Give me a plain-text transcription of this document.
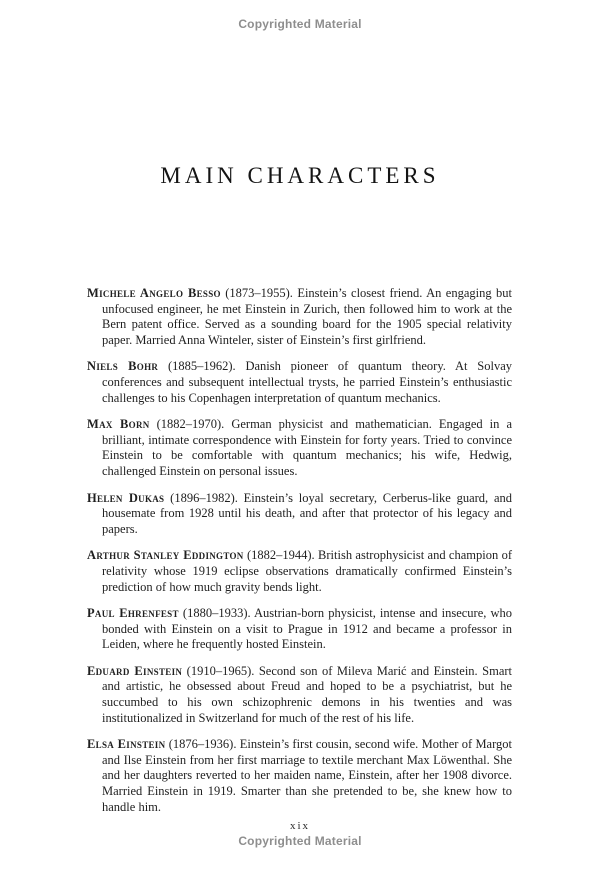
Copyrighted Material
MAIN CHARACTERS

Michele Angelo Besso (1873–1955). Einstein’s closest friend. An engaging but unfocused engineer, he met Einstein in Zurich, then followed him to work at the Bern patent office. Served as a sounding board for the 1905 special relativity paper. Married Anna Winteler, sister of Einstein’s first girlfriend.

Niels Bohr (1885–1962). Danish pioneer of quantum theory. At Solvay conferences and subsequent intellectual trysts, he parried Einstein’s enthusiastic challenges to his Copenhagen interpretation of quantum mechanics.

Max Born (1882–1970). German physicist and mathematician. Engaged in a brilliant, intimate correspondence with Einstein for forty years. Tried to convince Einstein to be comfortable with quantum mechanics; his wife, Hedwig, challenged Einstein on personal issues.

Helen Dukas (1896–1982). Einstein’s loyal secretary, Cerberus-like guard, and housemate from 1928 until his death, and after that protector of his legacy and papers.

Arthur Stanley Eddington (1882–1944). British astrophysicist and champion of relativity whose 1919 eclipse observations dramatically confirmed Einstein’s prediction of how much gravity bends light.

Paul Ehrenfest (1880–1933). Austrian-born physicist, intense and insecure, who bonded with Einstein on a visit to Prague in 1912 and became a professor in Leiden, where he frequently hosted Einstein.

Eduard Einstein (1910–1965). Second son of Mileva Marić and Einstein. Smart and artistic, he obsessed about Freud and hoped to be a psychiatrist, but he succumbed to his own schizophrenic demons in his twenties and was institutionalized in Switzerland for much of the rest of his life.

Elsa Einstein (1876–1936). Einstein’s first cousin, second wife. Mother of Margot and Ilse Einstein from her first marriage to textile merchant Max Löwenthal. She and her daughters reverted to her maiden name, Einstein, after her 1908 divorce. Married Einstein in 1919. Smarter than she pretended to be, she knew how to handle him.

xix
Copyrighted Material
